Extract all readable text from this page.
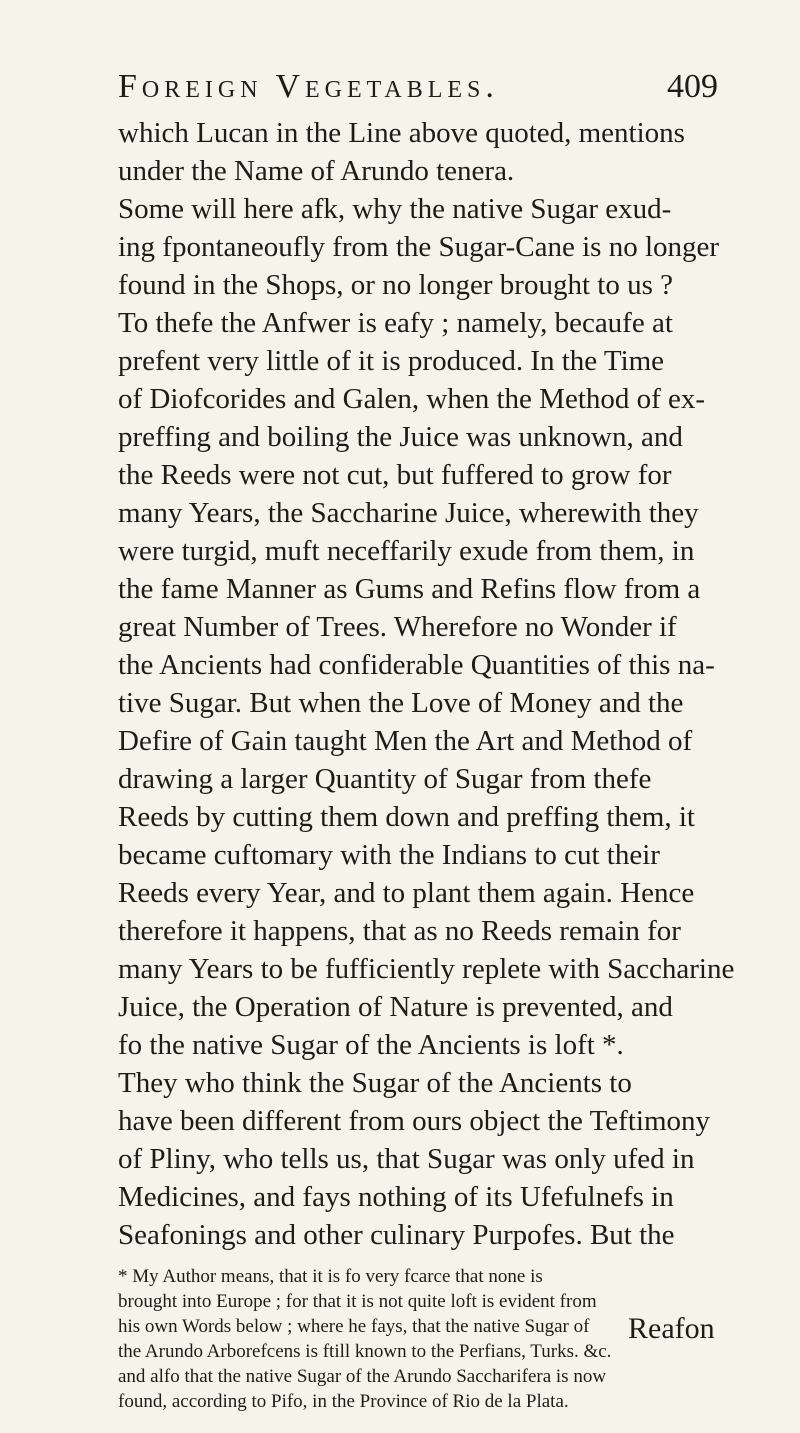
Foreign Vegetables.	409
which Lucan in the Line above quoted, mentions
under the Name of Arundo tenera.
Some will here afk, why the native Sugar exud-
ing fpontaneoufly from the Sugar-Cane is no longer
found in the Shops, or no longer brought to us ?
To thefe the Anfwer is eafy ; namely, becaufe at
prefent very little of it is produced. In the Time
of Diofcorides and Galen, when the Method of ex-
preffing and boiling the Juice was unknown, and
the Reeds were not cut, but fuffered to grow for
many Years, the Saccharine Juice, wherewith they
were turgid, muft neceffarily exude from them, in
the fame Manner as Gums and Refins flow from a
great Number of Trees. Wherefore no Wonder if
the Ancients had confiderable Quantities of this na-
tive Sugar. But when the Love of Money and the
Defire of Gain taught Men the Art and Method of
drawing a larger Quantity of Sugar from thefe
Reeds by cutting them down and preffing them, it
became cuftomary with the Indians to cut their
Reeds every Year, and to plant them again. Hence
therefore it happens, that as no Reeds remain for
many Years to be fufficiently replete with Saccharine
Juice, the Operation of Nature is prevented, and
fo the native Sugar of the Ancients is loft *.
They who think the Sugar of the Ancients to
have been different from ours object the Teftimony
of Pliny, who tells us, that Sugar was only ufed in
Medicines, and fays nothing of its Ufefulnefs in
Seafonings and other culinary Purpofes. But the
* My Author means, that it is fo very fcarce that none is
brought into Europe ; for that it is not quite loft is evident from
his own Words below ; where he fays, that the native Sugar of
the Arundo Arborefcens is ftill known to the Perfians, Turks. &c.
and alfo that the native Sugar of the Arundo Saccharifera is now
found, according to Pifo, in the Province of Rio de la Plata.
Reafon
